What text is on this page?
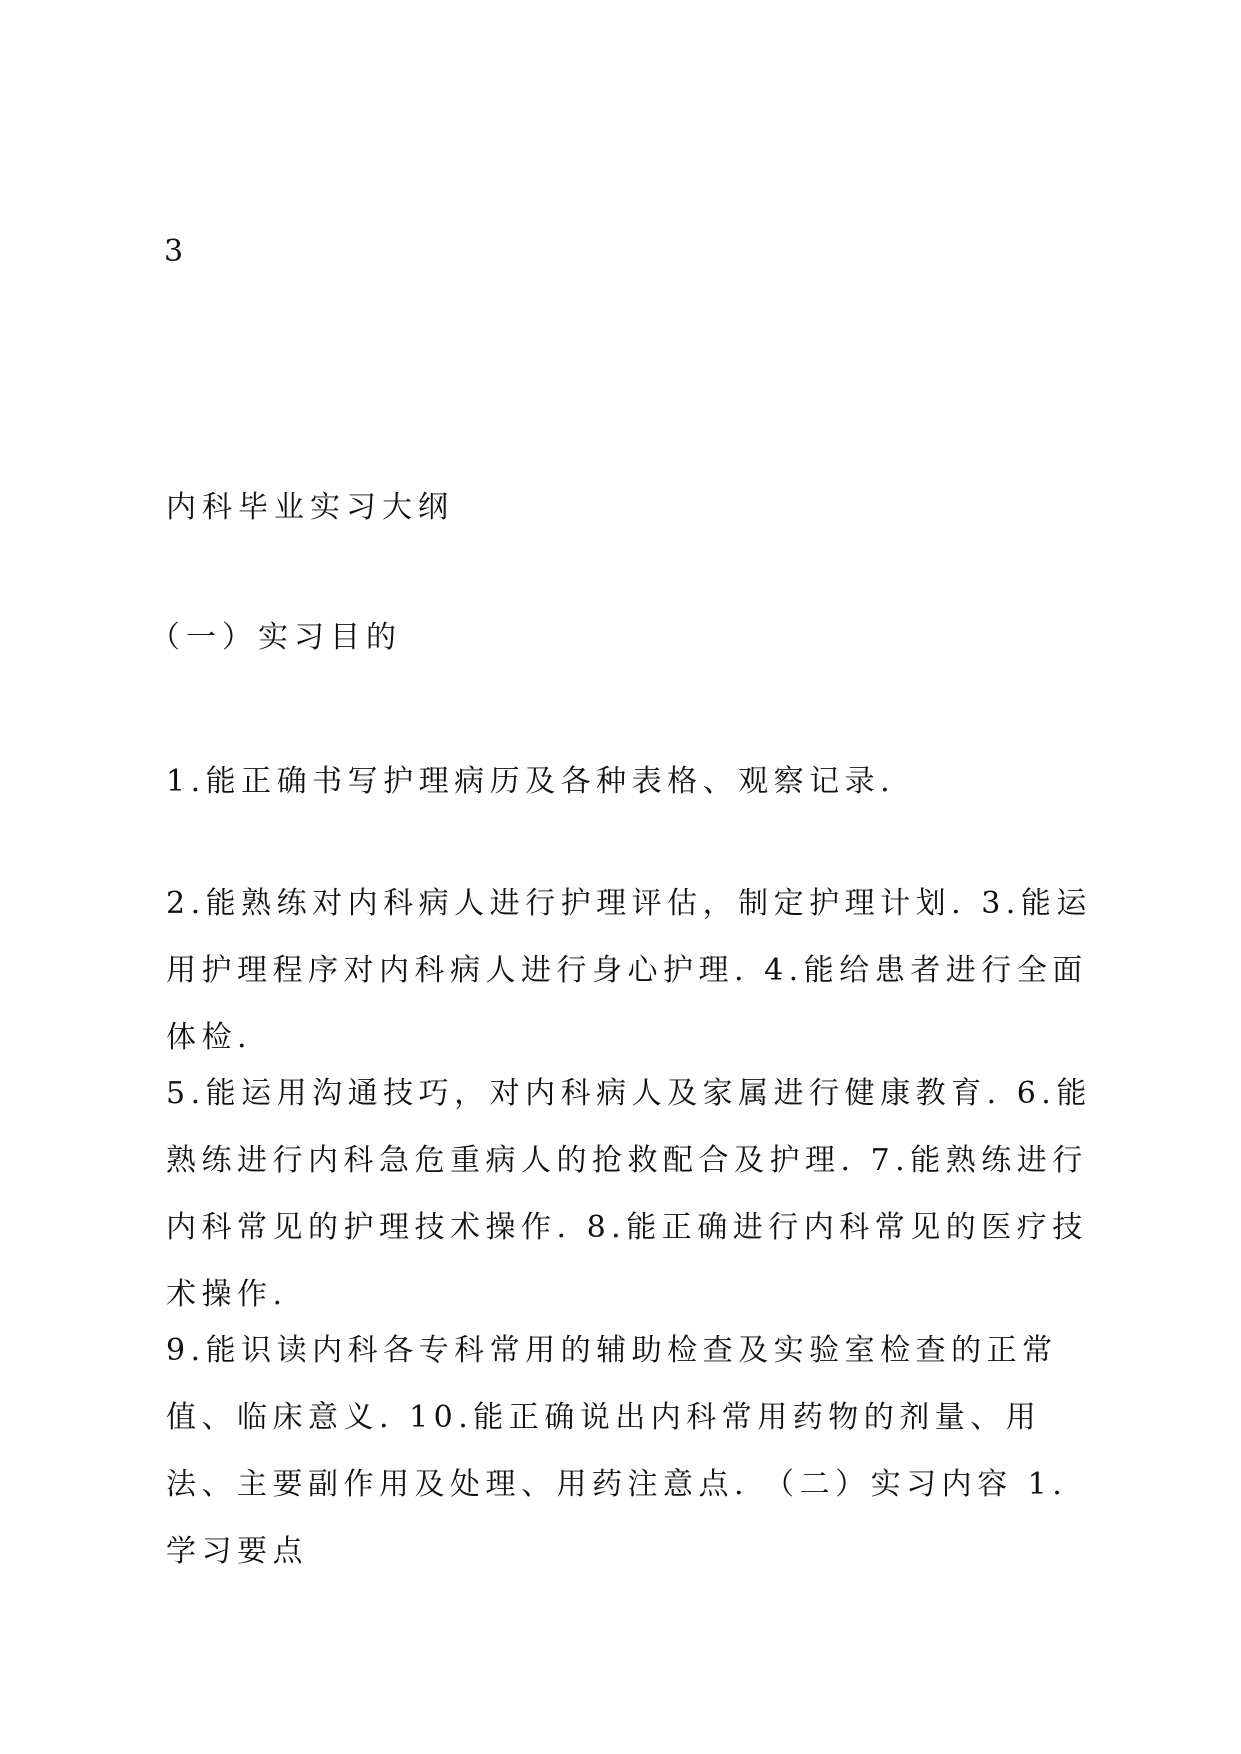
3

内科毕业实习大纲
（一）实习目的

1.能正确书写护理病历及各种表格、观察记录.

2.能熟练对内科病人进行护理评估，制定护理计划. 3.能运用护理程序对内科病人进行身心护理. 4.能给患者进行全面体检.

5.能运用沟通技巧，对内科病人及家属进行健康教育. 6.能熟练进行内科急危重病人的抢救配合及护理. 7.能熟练进行内科常见的护理技术操作. 8.能正确进行内科常见的医疗技术操作.

9.能识读内科各专科常用的辅助检查及实验室检查的正常值、临床意义. 10.能正确说出内科常用药物的剂量、用法、主要副作用及处理、用药注意点. （二）实习内容 1. 学习要点
